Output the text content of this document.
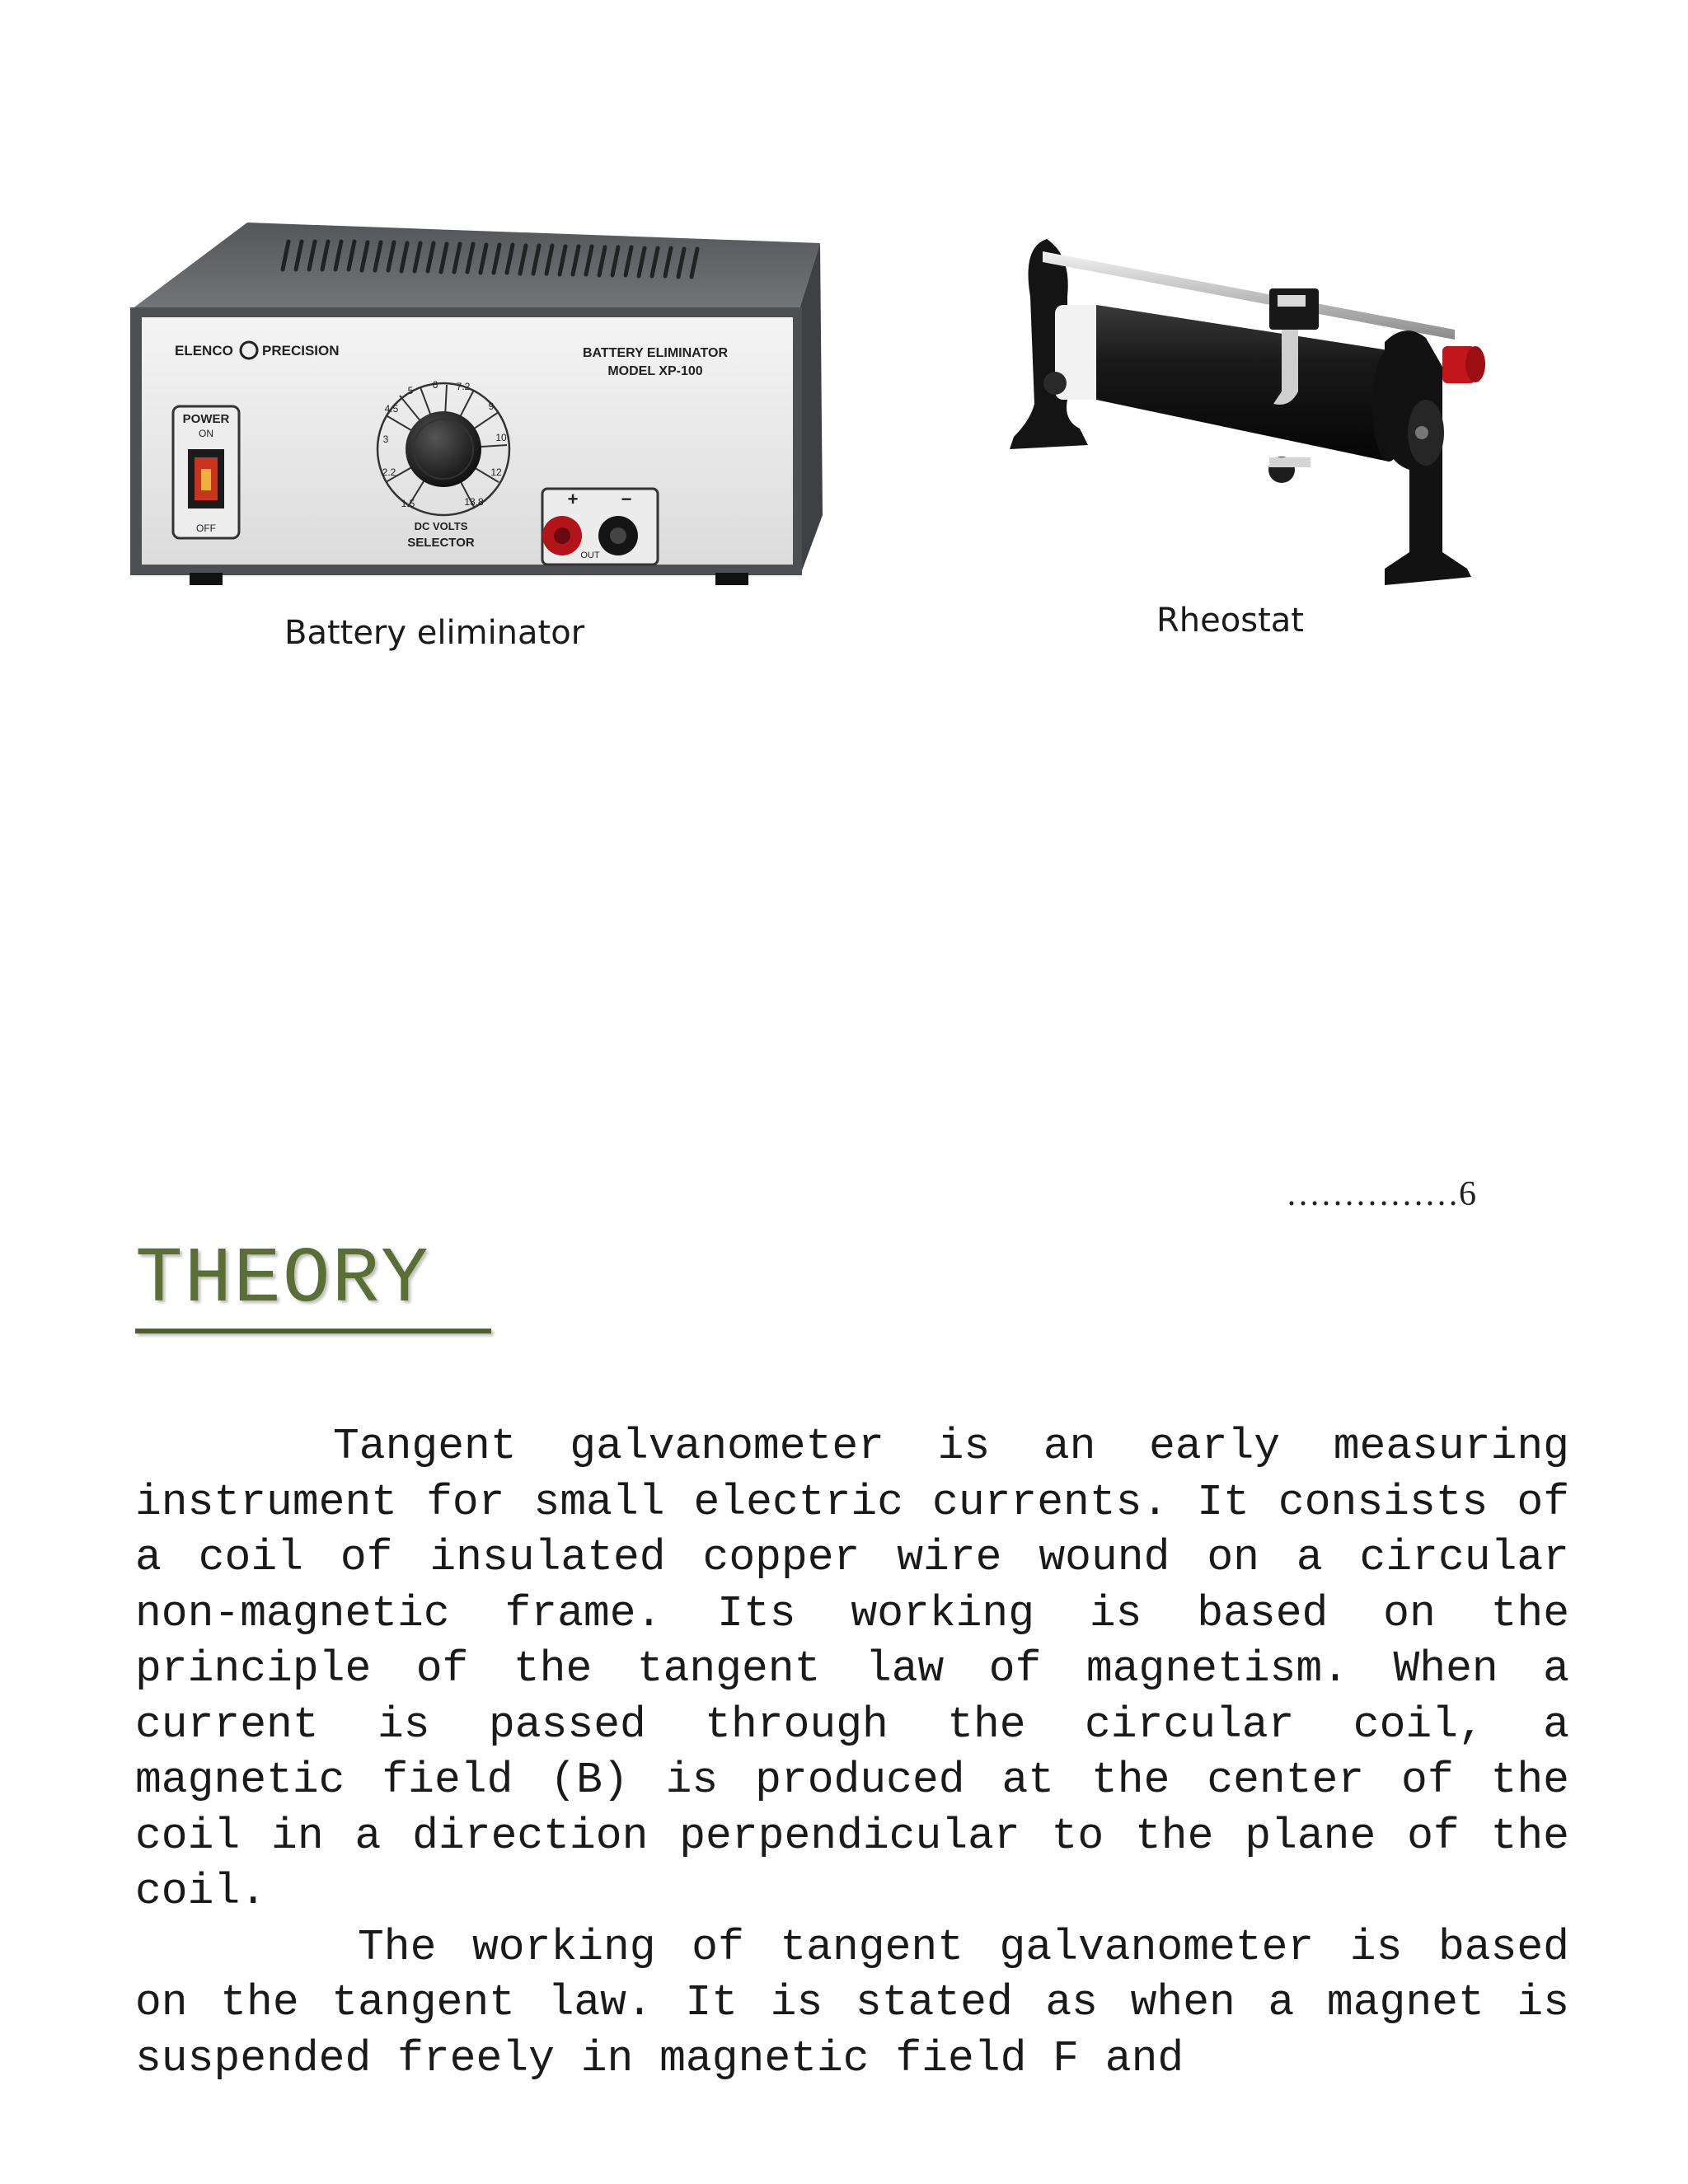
ELENCO PRECISION	BATTERY ELIMINATOR
MODEL XP-100
POWER
ON
OFF
1.5
2.2
3
4.5
5 6 7.2
9
10
12
13.8
DC VOLTS
SELECTOR
+ −
OUT
Battery eliminator	Rheostat
……………6
THEORY

Tangent galvanometer is an early measuring instrument for small electric currents. It consists of a coil of insulated copper wire wound on a circular non-magnetic frame. Its working is based on the principle of the tangent law of magnetism. When a current is passed through the circular coil, a magnetic field (B) is produced at the center of the coil in a direction perpendicular to the plane of the coil.

The working of tangent galvanometer is based on the tangent law. It is stated as when a magnet is suspended freely in magnetic field F and
